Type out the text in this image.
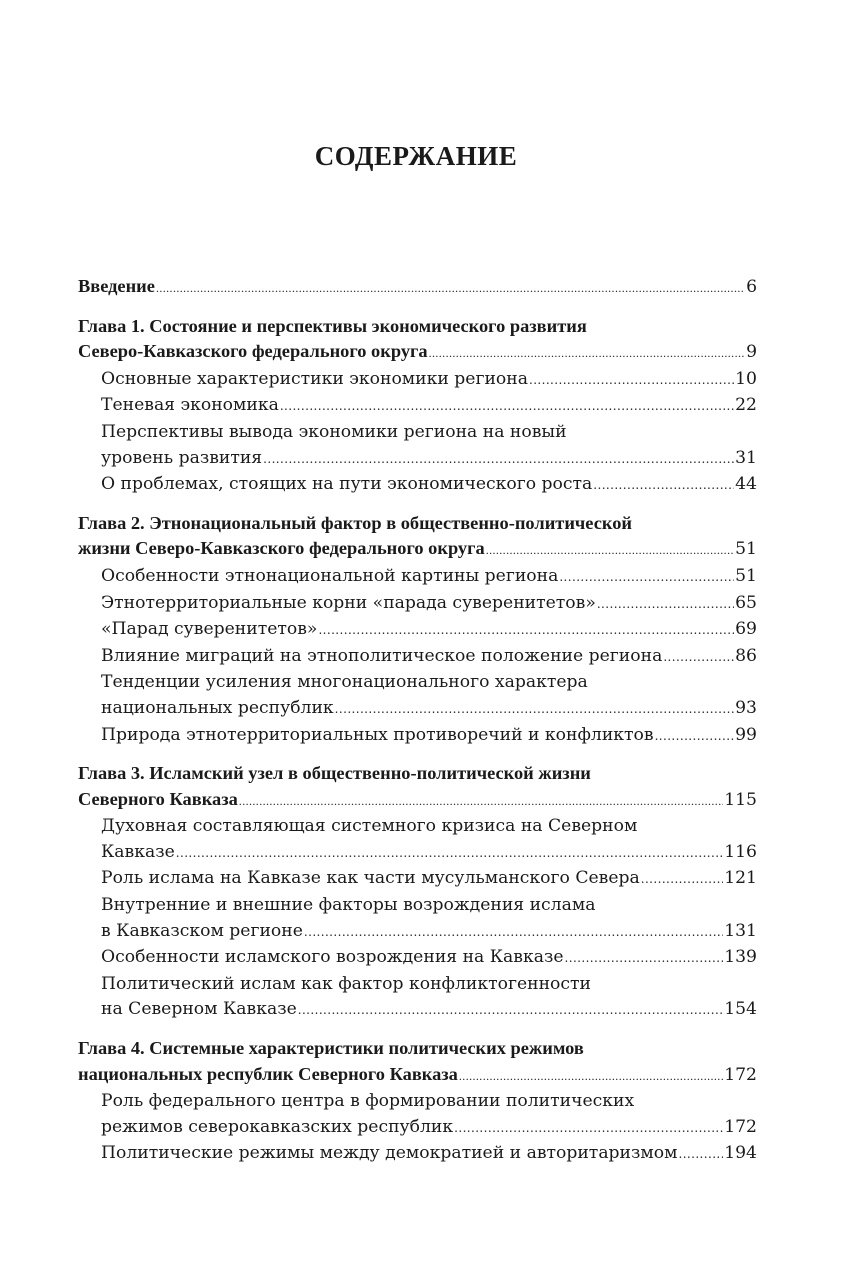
СОДЕРЖАНИЕ
Введение .....	6
Глава 1. Состояние и перспективы экономического развития
Северо-Кавказского федерального округа .....	9
Основные характеристики экономики региона .....	10
Теневая экономика .....	22
Перспективы вывода экономики региона на новый
уровень развития .....	31
О проблемах, стоящих на пути экономического роста .....	44
Глава 2. Этнонациональный фактор в общественно-политической
жизни Северо-Кавказского федерального округа .....	51
Особенности этнонациональной картины региона .....	51
Этнотерриториальные корни «парада суверенитетов» .....	65
«Парад суверенитетов» .....	69
Влияние миграций на этнополитическое положение региона .....	86
Тенденции усиления многонационального характера
национальных республик .....	93
Природа этнотерриториальных противоречий и конфликтов .....	99
Глава 3. Исламский узел в общественно-политической жизни
Северного Кавказа .....	115
Духовная составляющая системного кризиса на Северном
Кавказе .....	116
Роль ислама на Кавказе как части мусульманского Севера .....	121
Внутренние и внешние факторы возрождения ислама
в Кавказском регионе .....	131
Особенности исламского возрождения на Кавказе .....	139
Политический ислам как фактор конфликтогенности
на Северном Кавказе .....	154
Глава 4. Системные характеристики политических режимов
национальных республик Северного Кавказа .....	172
Роль федерального центра в формировании политических
режимов северокавказских республик .....	172
Политические режимы между демократией и авторитаризмом .....	194
